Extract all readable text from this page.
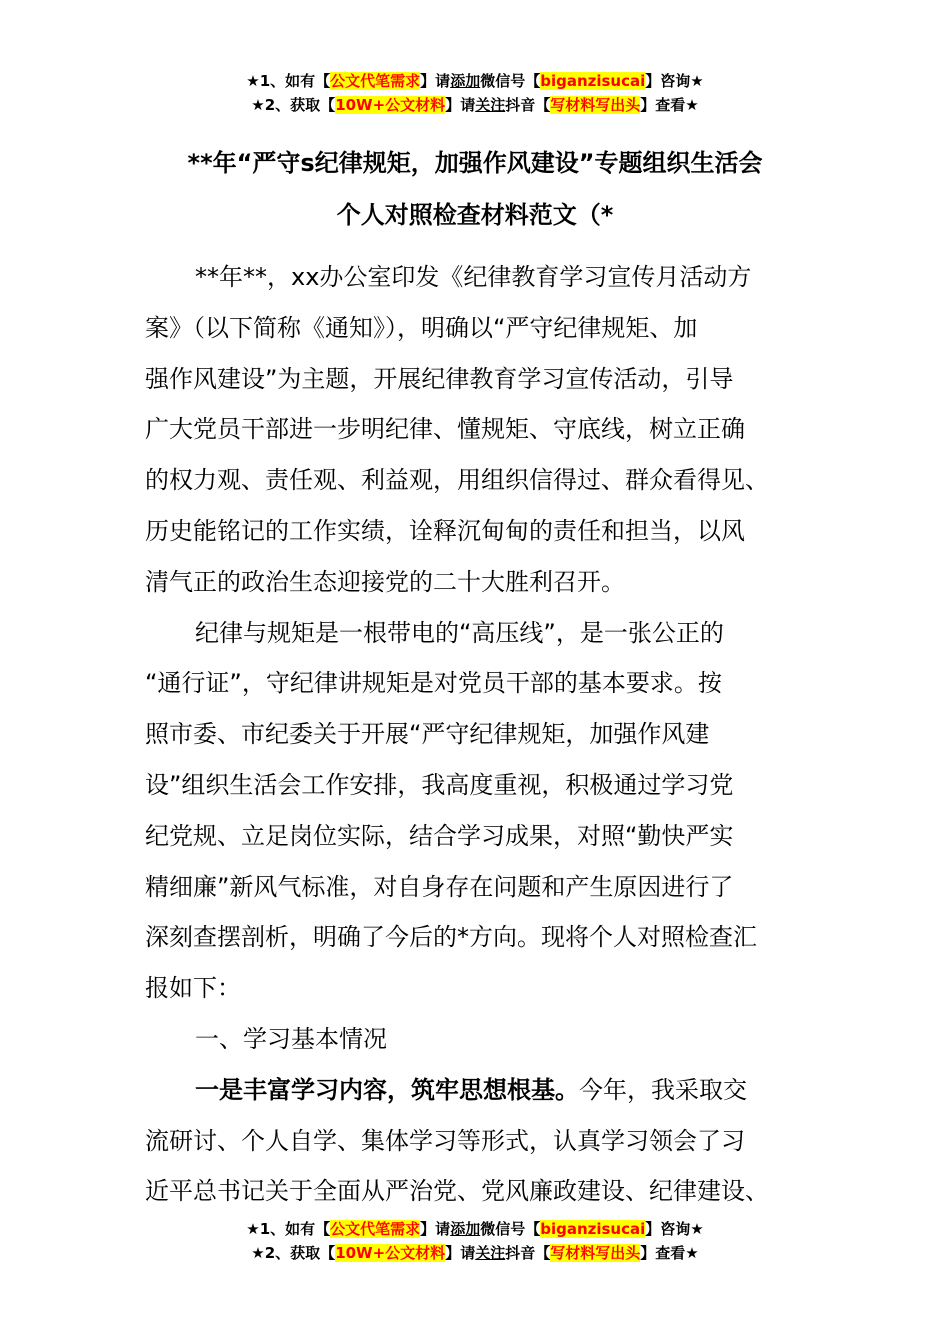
★1、如有【公文代笔需求】请添加微信号【biganzisucai】咨询★
★2、获取【10W+公文材料】请关注抖音【写材料写出头】查看★
**年“严守s纪律规矩，加强作风建设”专题组织生活会
个人对照检查材料范文（*
**年**，xx办公室印发《纪律教育学习宣传月活动方
案》（以下简称《通知》），明确以“严守纪律规矩、加
强作风建设”为主题，开展纪律教育学习宣传活动，引导
广大党员干部进一步明纪律、懂规矩、守底线，树立正确
的权力观、责任观、利益观，用组织信得过、群众看得见、
历史能铭记的工作实绩，诠释沉甸甸的责任和担当，以风
清气正的政治生态迎接党的二十大胜利召开。
纪律与规矩是一根带电的“高压线”，是一张公正的
“通行证”，守纪律讲规矩是对党员干部的基本要求。按
照市委、市纪委关于开展“严守纪律规矩，加强作风建
设”组织生活会工作安排，我高度重视，积极通过学习党
纪党规、立足岗位实际，结合学习成果，对照“勤快严实
精细廉”新风气标准，对自身存在问题和产生原因进行了
深刻查摆剖析，明确了今后的*方向。现将个人对照检查汇
报如下：
一、学习基本情况
一是丰富学习内容，筑牢思想根基。今年，我采取交
流研讨、个人自学、集体学习等形式，认真学习领会了习
近平总书记关于全面从严治党、党风廉政建设、纪律建设、
★1、如有【公文代笔需求】请添加微信号【biganzisucai】咨询★
★2、获取【10W+公文材料】请关注抖音【写材料写出头】查看★
